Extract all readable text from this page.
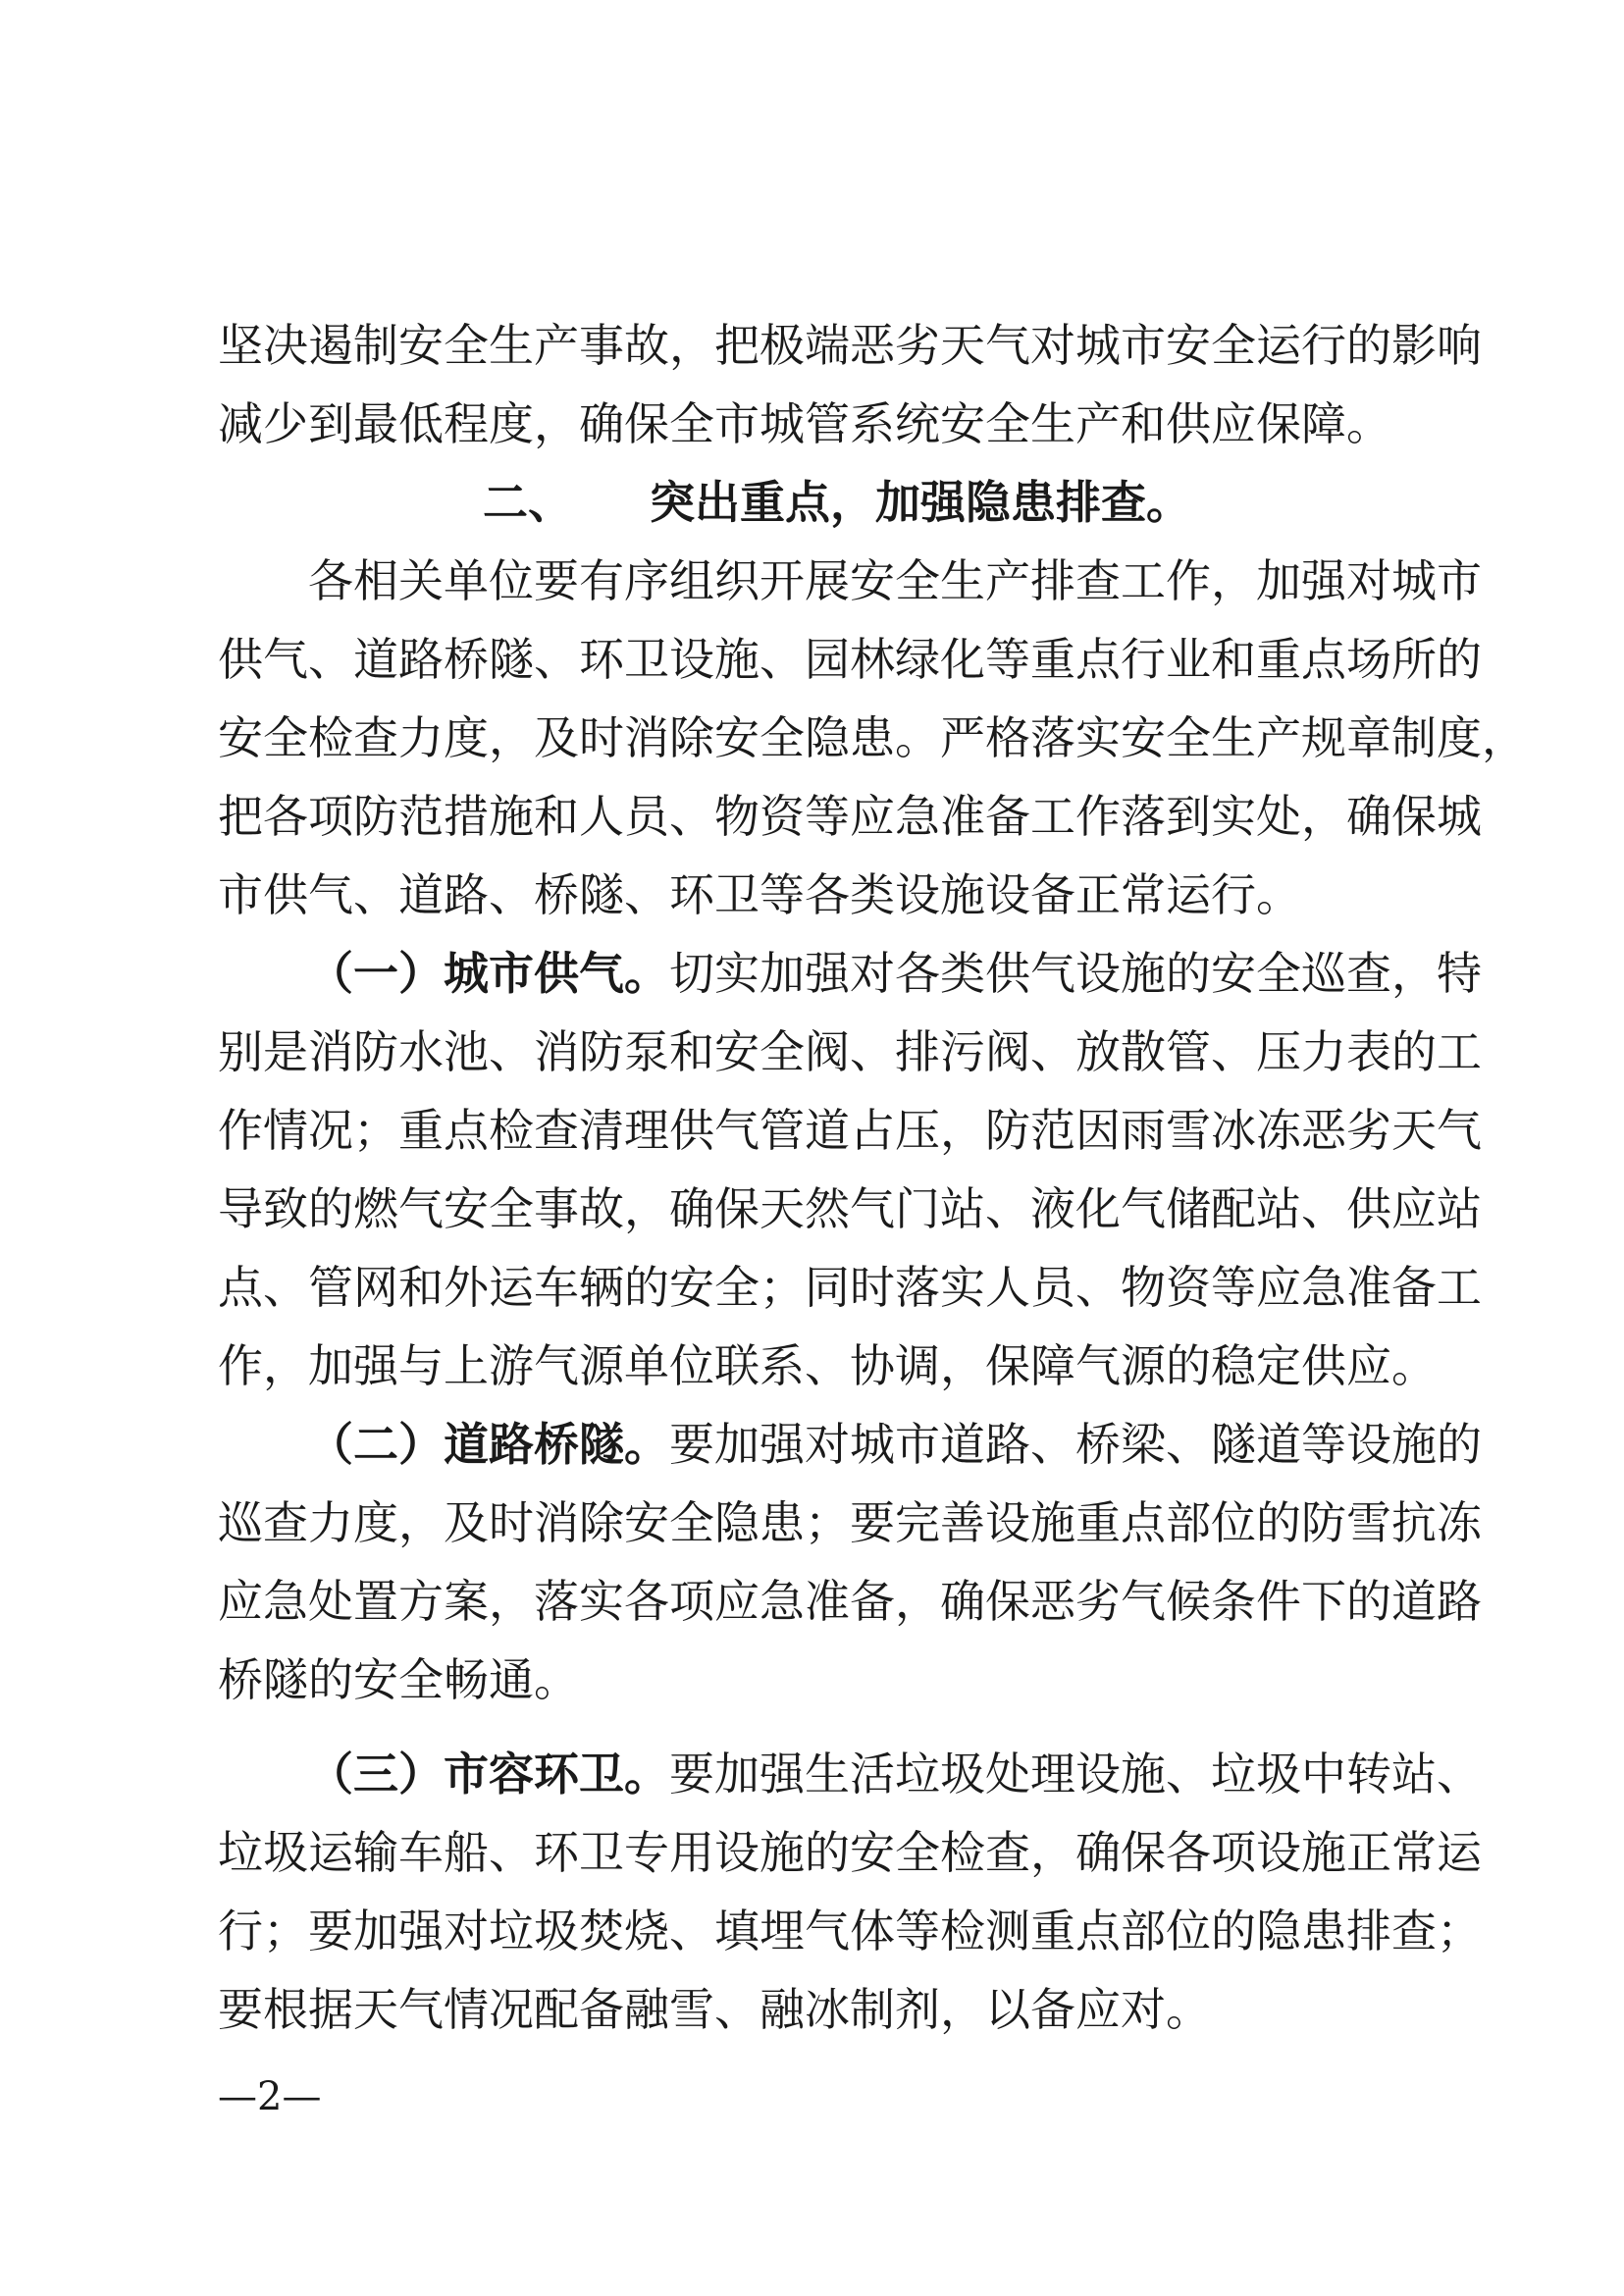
坚决遏制安全生产事故，把极端恶劣天气对城市安全运行的影响
减少到最低程度，确保全市城管系统安全生产和供应保障。
二、 突出重点，加强隐患排查。
各相关单位要有序组织开展安全生产排查工作，加强对城市
供气、道路桥隧、环卫设施、园林绿化等重点行业和重点场所的
安全检查力度，及时消除安全隐患。严格落实安全生产规章制度，
把各项防范措施和人员、物资等应急准备工作落到实处，确保城
市供气、道路、桥隧、环卫等各类设施设备正常运行。
（一）城市供气。切实加强对各类供气设施的安全巡查，特
别是消防水池、消防泵和安全阀、排污阀、放散管、压力表的工
作情况；重点检查清理供气管道占压，防范因雨雪冰冻恶劣天气
导致的燃气安全事故，确保天然气门站、液化气储配站、供应站
点、管网和外运车辆的安全；同时落实人员、物资等应急准备工
作，加强与上游气源单位联系、协调，保障气源的稳定供应。
（二）道路桥隧。要加强对城市道路、桥梁、隧道等设施的
巡查力度，及时消除安全隐患；要完善设施重点部位的防雪抗冻
应急处置方案，落实各项应急准备，确保恶劣气候条件下的道路
桥隧的安全畅通。
（三）市容环卫。要加强生活垃圾处理设施、垃圾中转站、
垃圾运输车船、环卫专用设施的安全检查，确保各项设施正常运
行；要加强对垃圾焚烧、填埋气体等检测重点部位的隐患排查；
要根据天气情况配备融雪、融冰制剂，以备应对。
—2—
